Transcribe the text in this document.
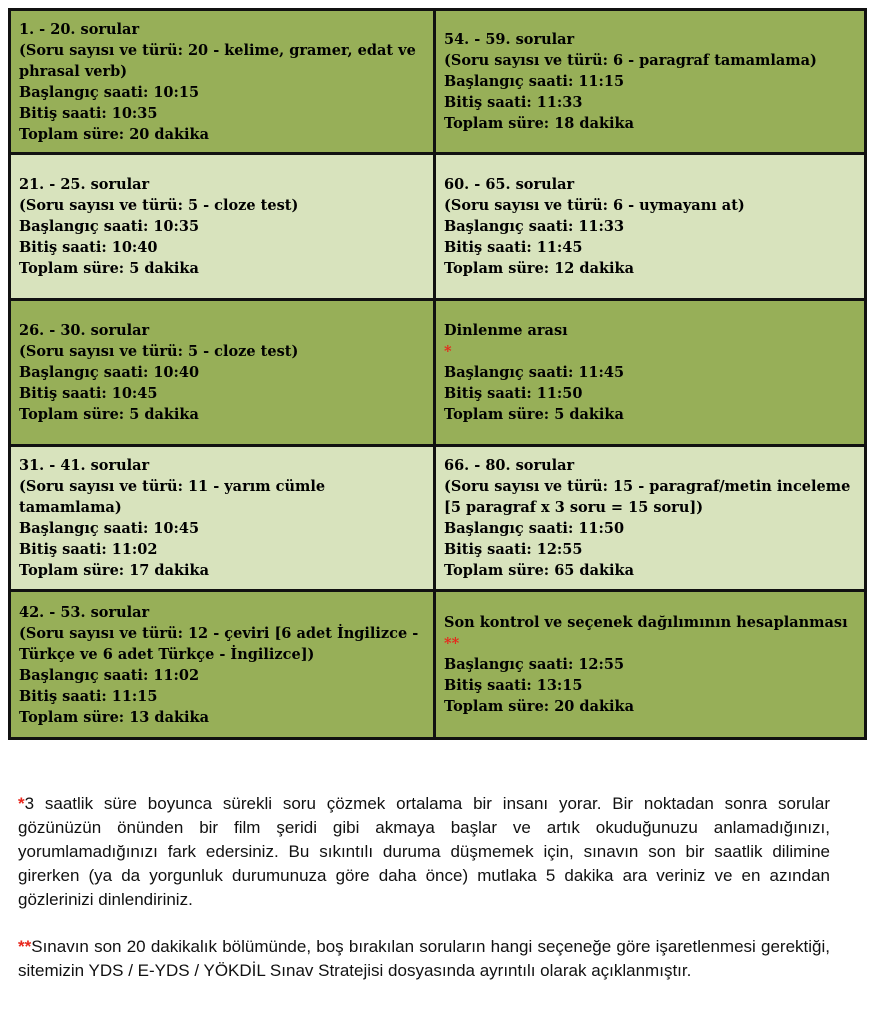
1. - 20. sorular
(Soru sayısı ve türü: 20 - kelime, gramer, edat ve phrasal verb)
Başlangıç saati: 10:15
Bitiş saati: 10:35
Toplam süre: 20 dakika
54. - 59. sorular
(Soru sayısı ve türü: 6 - paragraf tamamlama)
Başlangıç saati: 11:15
Bitiş saati: 11:33
Toplam süre: 18 dakika
21. - 25. sorular
(Soru sayısı ve türü: 5 - cloze test)
Başlangıç saati: 10:35
Bitiş saati: 10:40
Toplam süre: 5 dakika
60. - 65. sorular
(Soru sayısı ve türü: 6 - uymayanı at)
Başlangıç saati: 11:33
Bitiş saati: 11:45
Toplam süre: 12 dakika
26. - 30. sorular
(Soru sayısı ve türü: 5 - cloze test)
Başlangıç saati: 10:40
Bitiş saati: 10:45
Toplam süre: 5 dakika
Dinlenme arası
*
Başlangıç saati: 11:45
Bitiş saati: 11:50
Toplam süre: 5 dakika
31. - 41. sorular
(Soru sayısı ve türü: 11 - yarım cümle tamamlama)
Başlangıç saati: 10:45
Bitiş saati: 11:02
Toplam süre: 17 dakika
66. - 80. sorular
(Soru sayısı ve türü: 15 - paragraf/metin inceleme [5 paragraf x 3 soru = 15 soru])
Başlangıç saati: 11:50
Bitiş saati: 12:55
Toplam süre: 65 dakika
42. - 53. sorular
(Soru sayısı ve türü: 12 - çeviri [6 adet İngilizce - Türkçe ve 6 adet Türkçe - İngilizce])
Başlangıç saati: 11:02
Bitiş saati: 11:15
Toplam süre: 13 dakika
Son kontrol ve seçenek dağılımının hesaplanması
**
Başlangıç saati: 12:55
Bitiş saati: 13:15
Toplam süre: 20 dakika

*3 saatlik süre boyunca sürekli soru çözmek ortalama bir insanı yorar. Bir noktadan sonra sorular gözünüzün önünden bir film şeridi gibi akmaya başlar ve artık okuduğunuzu anlamadığınızı, yorumlamadığınızı fark edersiniz. Bu sıkıntılı duruma düşmemek için, sınavın son bir saatlik dilimine girerken (ya da yorgunluk durumunuza göre daha önce) mutlaka 5 dakika ara veriniz ve en azından gözlerinizi dinlendiriniz.

**Sınavın son 20 dakikalık bölümünde, boş bırakılan soruların hangi seçeneğe göre işaretlenmesi gerektiği, sitemizin YDS / E-YDS / YÖKDİL Sınav Stratejisi dosyasında ayrıntılı olarak açıklanmıştır.
